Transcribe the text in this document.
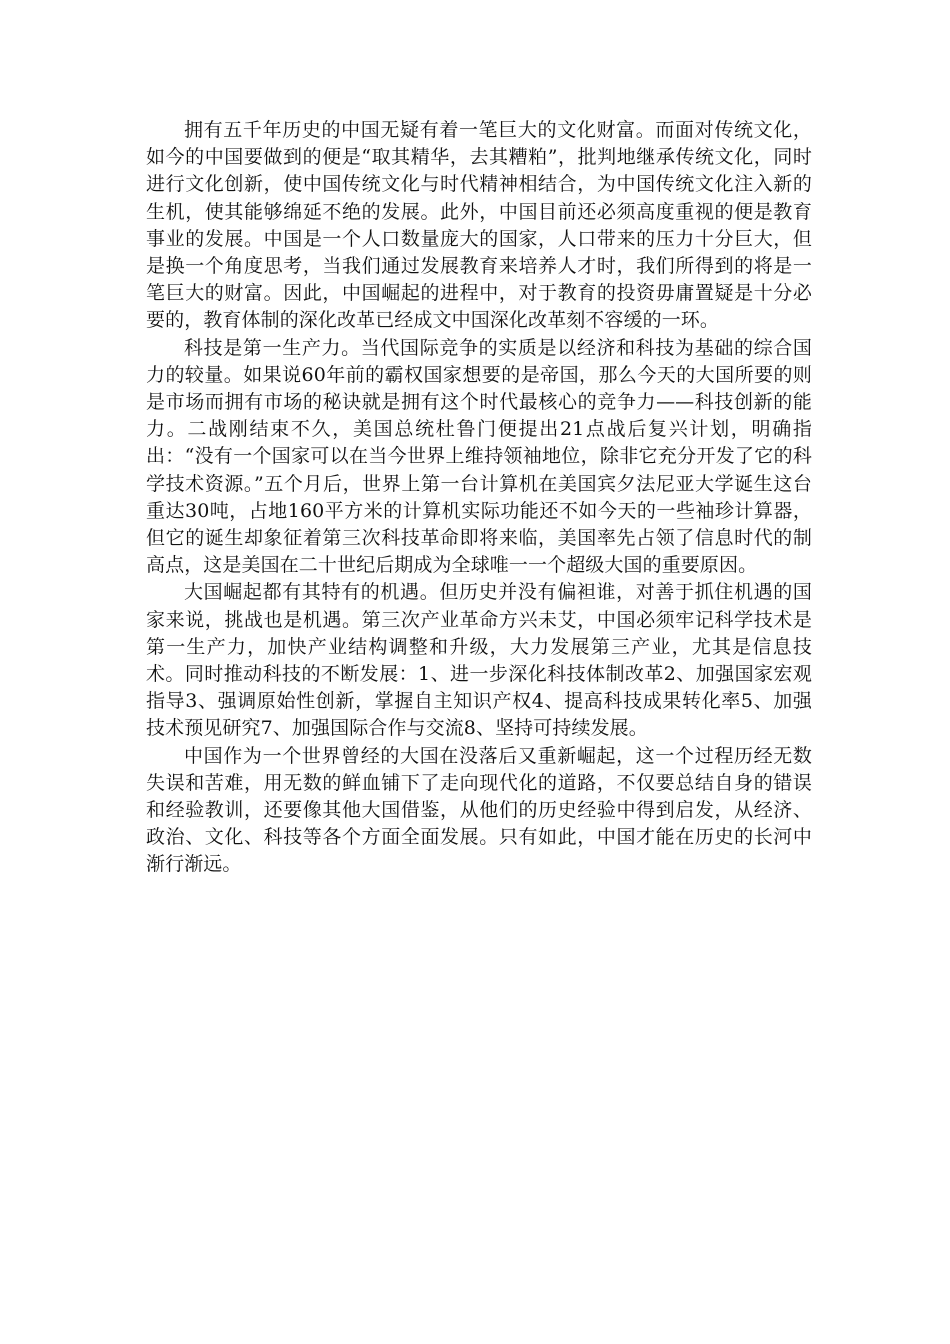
拥有五千年历史的中国无疑有着一笔巨大的文化财富。而面对传统文化，如今的中国要做到的便是“取其精华，去其糟粕”，批判地继承传统文化，同时进行文化创新，使中国传统文化与时代精神相结合，为中国传统文化注入新的生机，使其能够绵延不绝的发展。此外，中国目前还必须高度重视的便是教育事业的发展。中国是一个人口数量庞大的国家，人口带来的压力十分巨大，但是换一个角度思考，当我们通过发展教育来培养人才时，我们所得到的将是一笔巨大的财富。因此，中国崛起的进程中，对于教育的投资毋庸置疑是十分必要的，教育体制的深化改革已经成文中国深化改革刻不容缓的一环。

科技是第一生产力。当代国际竞争的实质是以经济和科技为基础的综合国力的较量。如果说60年前的霸权国家想要的是帝国，那么今天的大国所要的则是市场而拥有市场的秘诀就是拥有这个时代最核心的竞争力——科技创新的能力。二战刚结束不久，美国总统杜鲁门便提出21点战后复兴计划，明确指出：“没有一个国家可以在当今世界上维持领袖地位，除非它充分开发了它的科学技术资源。”五个月后，世界上第一台计算机在美国宾夕法尼亚大学诞生这台重达30吨，占地160平方米的计算机实际功能还不如今天的一些袖珍计算器，但它的诞生却象征着第三次科技革命即将来临，美国率先占领了信息时代的制高点，这是美国在二十世纪后期成为全球唯一一个超级大国的重要原因。

大国崛起都有其特有的机遇。但历史并没有偏袒谁，对善于抓住机遇的国家来说，挑战也是机遇。第三次产业革命方兴未艾，中国必须牢记科学技术是第一生产力，加快产业结构调整和升级，大力发展第三产业，尤其是信息技术。同时推动科技的不断发展：1、进一步深化科技体制改革2、加强国家宏观指导3、强调原始性创新，掌握自主知识产权4、提高科技成果转化率5、加强技术预见研究7、加强国际合作与交流8、坚持可持续发展。

中国作为一个世界曾经的大国在没落后又重新崛起，这一个过程历经无数失误和苦难，用无数的鲜血铺下了走向现代化的道路，不仅要总结自身的错误和经验教训，还要像其他大国借鉴，从他们的历史经验中得到启发，从经济、政治、文化、科技等各个方面全面发展。只有如此，中国才能在历史的长河中渐行渐远。
